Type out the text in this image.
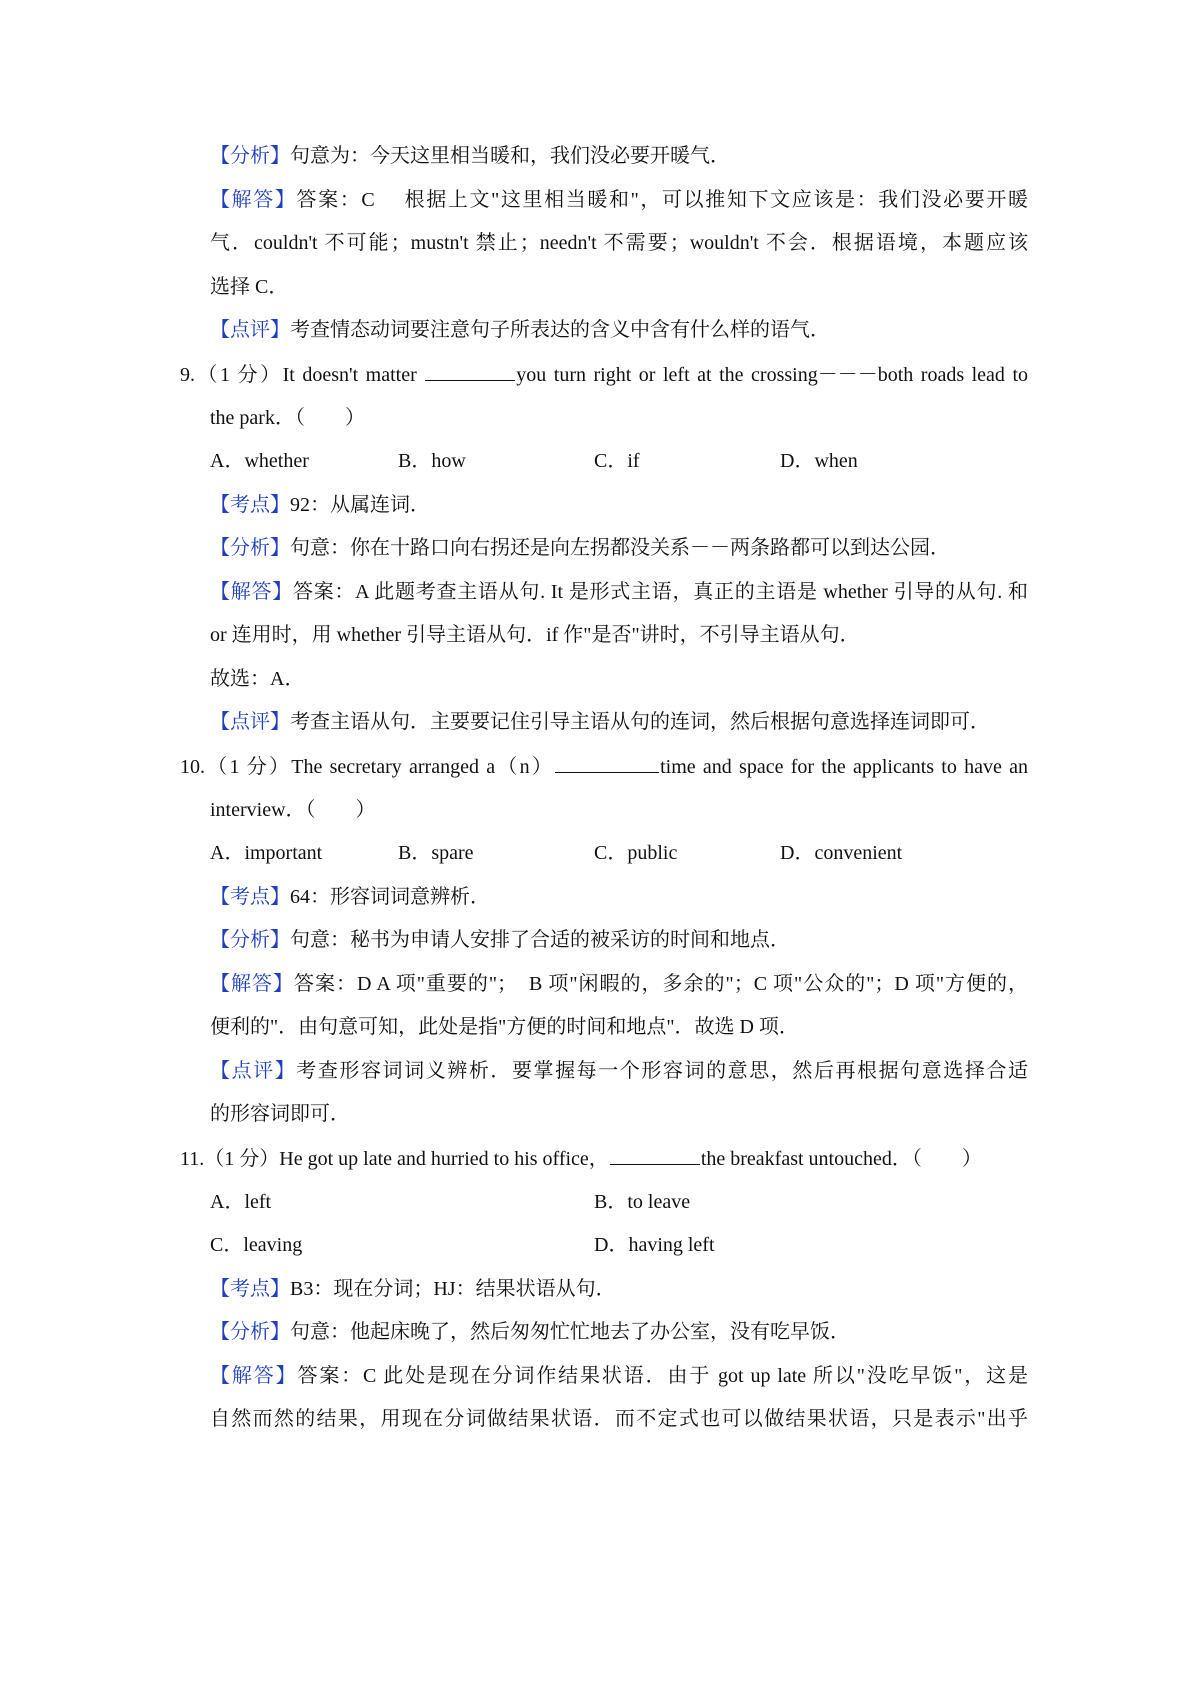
【分析】句意为：今天这里相当暖和，我们没必要开暖气．
【解答】答案：C　 根据上文"这里相当暖和"，可以推知下文应该是：我们没必要开暖
气．couldn't 不可能；mustn't 禁止；needn't 不需要；wouldn't 不会．根据语境，本题应该
选择 C．
【点评】考查情态动词要注意句子所表达的含义中含有什么样的语气．
9.（1 分）It doesn't matter	you turn right or left at the crossing－－－both roads lead to
the park．（　　）
A．whether	B．how	C．if	D．when
【考点】92：从属连词．
【分析】句意：你在十路口向右拐还是向左拐都没关系－－两条路都可以到达公园．
【解答】答案：A 此题考查主语从句. It 是形式主语，真正的主语是 whether 引导的从句. 和
or 连用时，用 whether 引导主语从句．if 作"是否"讲时，不引导主语从句．
故选：A．
【点评】考查主语从句．主要要记住引导主语从句的连词，然后根据句意选择连词即可．
10.（1 分）The secretary arranged a（n）	time and space for the applicants to have an
interview．（　　）
A．important	B．spare	C．public	D．convenient
【考点】64：形容词词意辨析．
【分析】句意：秘书为申请人安排了合适的被采访的时间和地点．
【解答】答案：D A 项"重要的"；　B 项"闲暇的，多余的"；C 项"公众的"；D 项"方便的，
便利的"．由句意可知，此处是指"方便的时间和地点"．故选 D 项．
【点评】考查形容词词义辨析．要掌握每一个形容词的意思，然后再根据句意选择合适
的形容词即可．
11.（1 分）He got up late and hurried to his office，	the breakfast untouched．（　　）
A．left	B．to leave
C．leaving	D．having left
【考点】B3：现在分词；HJ：结果状语从句．
【分析】句意：他起床晚了，然后匆匆忙忙地去了办公室，没有吃早饭．
【解答】答案：C 此处是现在分词作结果状语．由于 got up late 所以"没吃早饭"，这是
自然而然的结果，用现在分词做结果状语．而不定式也可以做结果状语，只是表示"出乎
